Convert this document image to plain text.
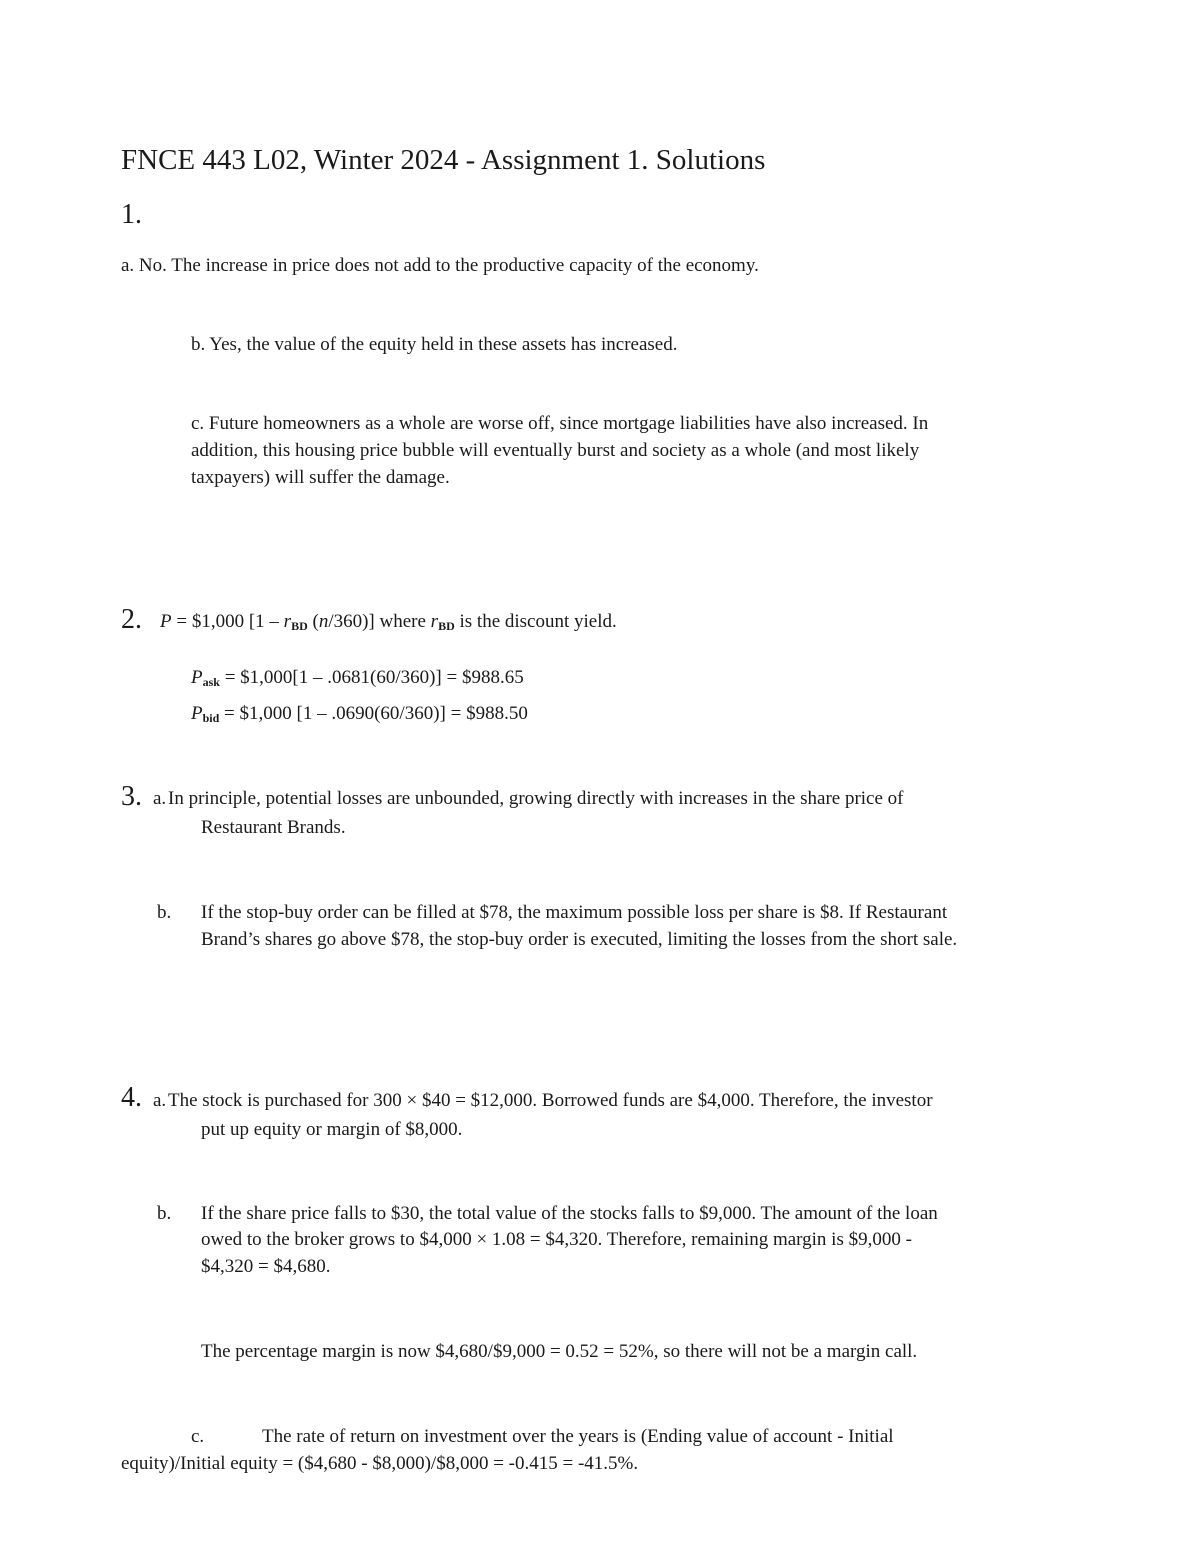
FNCE 443 L02, Winter 2024 - Assignment 1. Solutions
1.
a. No. The increase in price does not add to the productive capacity of the economy.
b. Yes, the value of the equity held in these assets has increased.
c. Future homeowners as a whole are worse off, since mortgage liabilities have also increased. In
addition, this housing price bubble will eventually burst and society as a whole (and most likely
taxpayers) will suffer the damage.
2. P = $1,000 [$1 - r_{BD}$ (n/360)] where $r_{BD}$ is the discount yield.
$P_{ask}$ = $1,000[1 – .0681(60/360)] = $988.65
$P_{bid}$ = $1,000 [1 – .0690(60/360)] = $988.50
3. a. In principle, potential losses are unbounded, growing directly with increases in the share price of
Restaurant Brands.
b. If the stop-buy order can be filled at $78, the maximum possible loss per share is $8. If Restaurant
Brand’s shares go above $78, the stop-buy order is executed, limiting the losses from the short sale.
4. a. The stock is purchased for 300 × $40 = $12,000. Borrowed funds are $4,000. Therefore, the investor
put up equity or margin of $8,000.
b. If the share price falls to $30, the total value of the stocks falls to $9,000. The amount of the loan
owed to the broker grows to $4,000 × 1.08 = $4,320. Therefore, remaining margin is $9,000 -
$4,320 = $4,680.
The percentage margin is now $4,680/$9,000 = 0.52 = 52%, so there will not be a margin call.
c.	The rate of return on investment over the years is (Ending value of account - Initial
equity)/Initial equity = ($4,680 - $8,000)/$8,000 = -0.415 = -41.5%.
